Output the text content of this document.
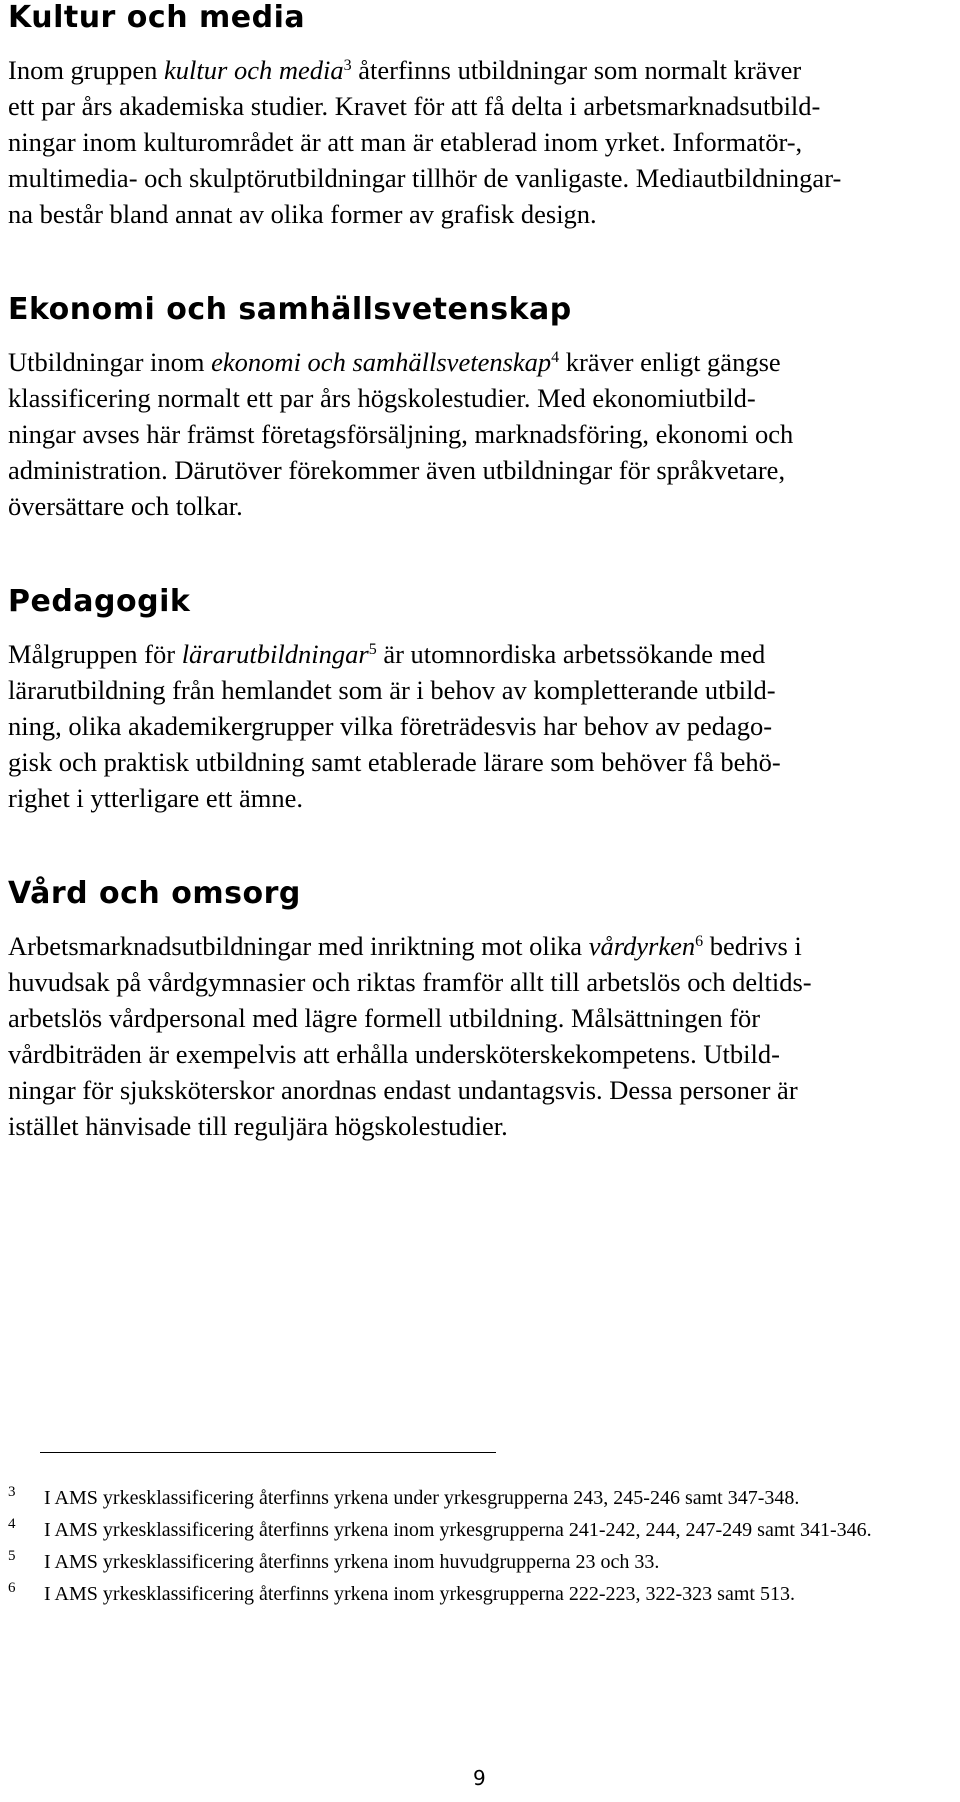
Kultur och media

Inom gruppen kultur och media$^3$ återfinns utbildningar som normalt kräver
ett par års akademiska studier. Kravet för att få delta i arbetsmarknadsutbild-
ningar inom kulturområdet är att man är etablerad inom yrket. Informatör-,
multimedia- och skulptörutbildningar tillhör de vanligaste. Mediautbildningar-
na består bland annat av olika former av grafisk design.

Ekonomi och samhällsvetenskap

Utbildningar inom ekonomi och samhällsvetenskap$^4$ kräver enligt gängse
klassificering normalt ett par års högskolestudier. Med ekonomiutbild-
ningar avses här främst företagsförsäljning, marknadsföring, ekonomi och
administration. Därutöver förekommer även utbildningar för språkvetare,
översättare och tolkar.

Pedagogik

Målgruppen för lärarutbildningar$^5$ är utomnordiska arbetssökande med
lärarutbildning från hemlandet som är i behov av kompletterande utbild-
ning, olika akademikergrupper vilka företrädesvis har behov av pedago-
gisk och praktisk utbildning samt etablerade lärare som behöver få behö-
righet i ytterligare ett ämne.

Vård och omsorg

Arbetsmarknadsutbildningar med inriktning mot olika vårdyrken$^6$ bedrivs i
huvudsak på vårdgymnasier och riktas framför allt till arbetslös och deltids-
arbetslös vårdpersonal med lägre formell utbildning. Målsättningen för
vårdbiträden är exempelvis att erhålla undersköterskekompetens. Utbild-
ningar för sjuksköterskor anordnas endast undantagsvis. Dessa personer är
istället hänvisade till reguljära högskolestudier.

3 I AMS yrkesklassificering återfinns yrkena under yrkesgrupperna 243, 245-246 samt 347-348.
4 I AMS yrkesklassificering återfinns yrkena inom yrkesgrupperna 241-242, 244, 247-249 samt 341-346.
5 I AMS yrkesklassificering återfinns yrkena inom huvudgrupperna 23 och 33.
6 I AMS yrkesklassificering återfinns yrkena inom yrkesgrupperna 222-223, 322-323 samt 513.
9
